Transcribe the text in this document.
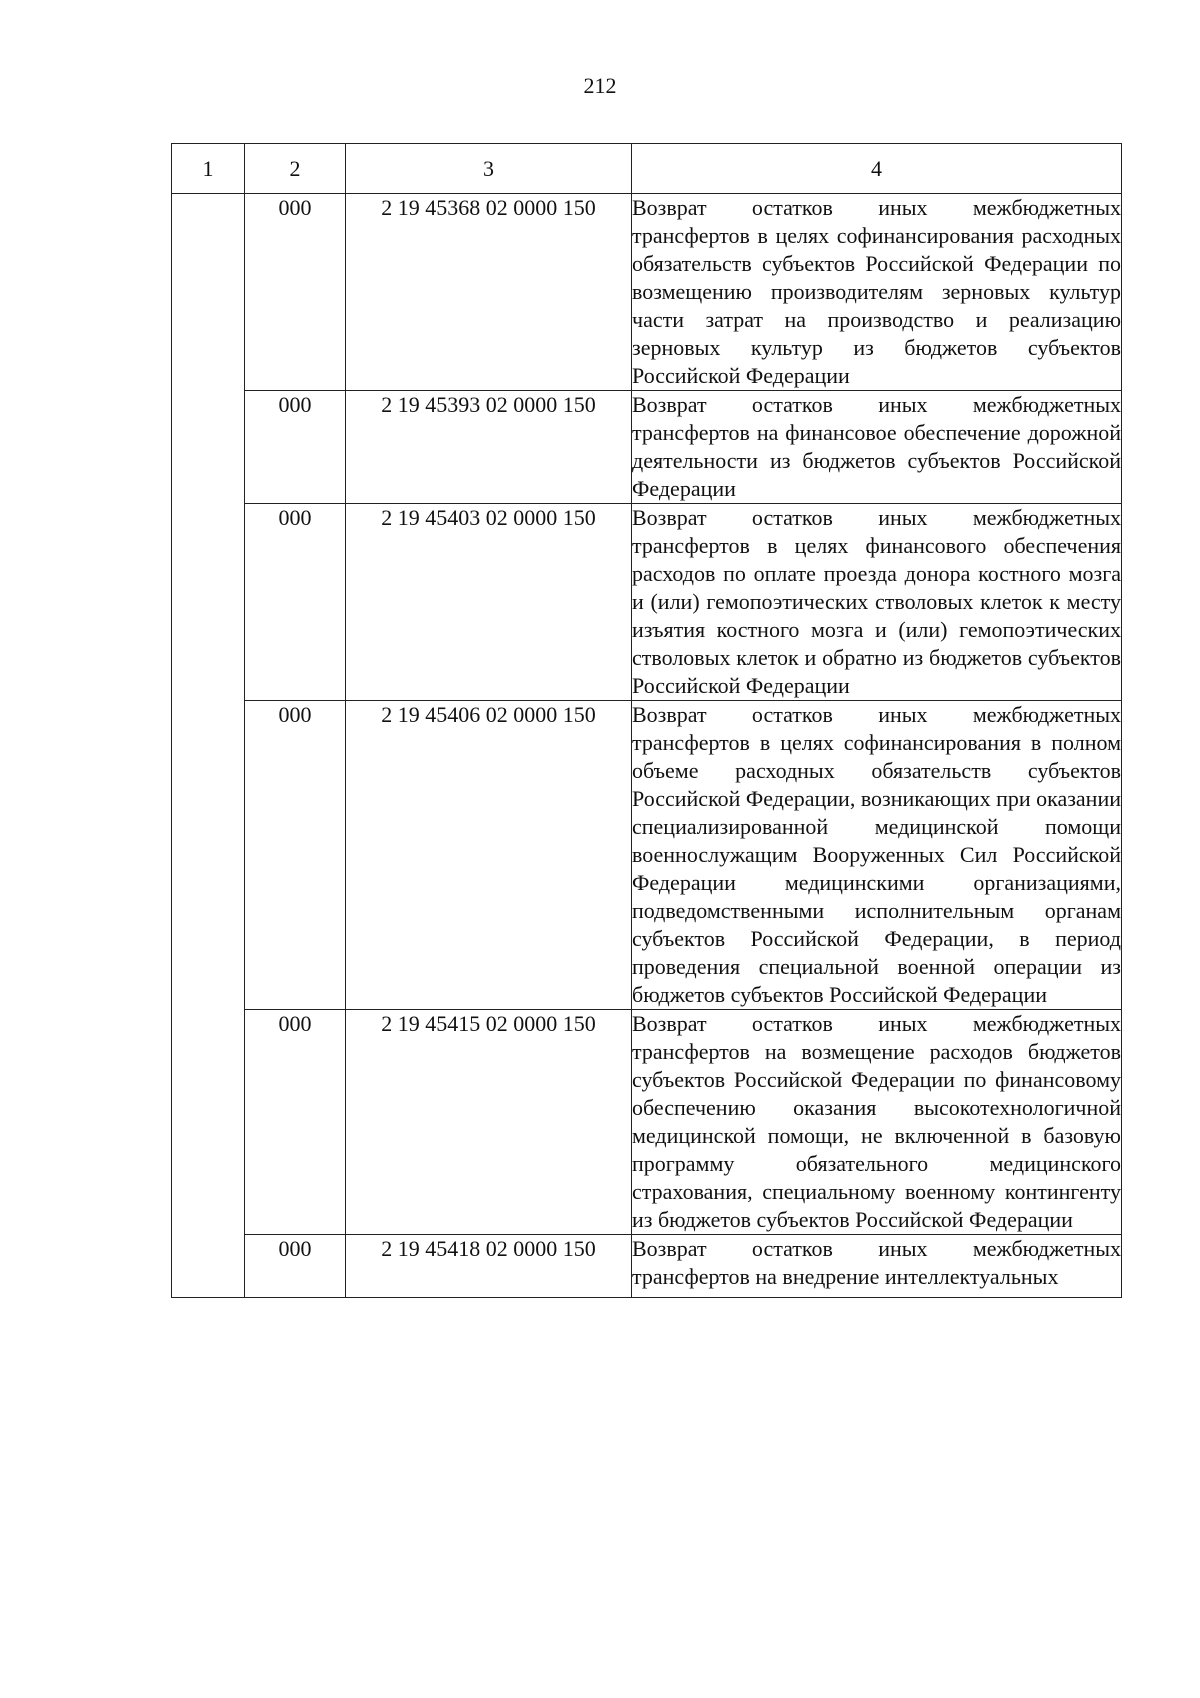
212
1	2	3	4
	000	2 19 45368 02 0000 150	Возврат остатков иных межбюджетных трансфертов в целях софинансирования расходных обязательств субъектов Российской Федерации по возмещению производителям зерновых культур части затрат на производство и реализацию зерновых культур из бюджетов субъектов Российской Федерации

	000	2 19 45393 02 0000 150	Возврат остатков иных межбюджетных трансфертов на финансовое обеспечение дорожной деятельности из бюджетов субъектов Российской Федерации

	000	2 19 45403 02 0000 150	Возврат остатков иных межбюджетных трансфертов в целях финансового обеспечения расходов по оплате проезда донора костного мозга и (или) гемопоэтических стволовых клеток к месту изъятия костного мозга и (или) гемопоэтических стволовых клеток и обратно из бюджетов субъектов Российской Федерации

	000	2 19 45406 02 0000 150	Возврат остатков иных межбюджетных трансфертов в целях софинансирования в полном объеме расходных обязательств субъектов Российской Федерации, возникающих при оказании специализированной медицинской помощи военнослужащим Вооруженных Сил Российской Федерации медицинскими организациями, подведомственными исполнительным органам субъектов Российской Федерации, в период проведения специальной военной операции из бюджетов субъектов Российской Федерации

	000	2 19 45415 02 0000 150	Возврат остатков иных межбюджетных трансфертов на возмещение расходов бюджетов субъектов Российской Федерации по финансовому обеспечению оказания высокотехнологичной медицинской помощи, не включенной в базовую программу обязательного медицинского страхования, специальному военному контингенту из бюджетов субъектов Российской Федерации

	000	2 19 45418 02 0000 150	Возврат остатков иных межбюджетных трансфертов на внедрение интеллектуальных
